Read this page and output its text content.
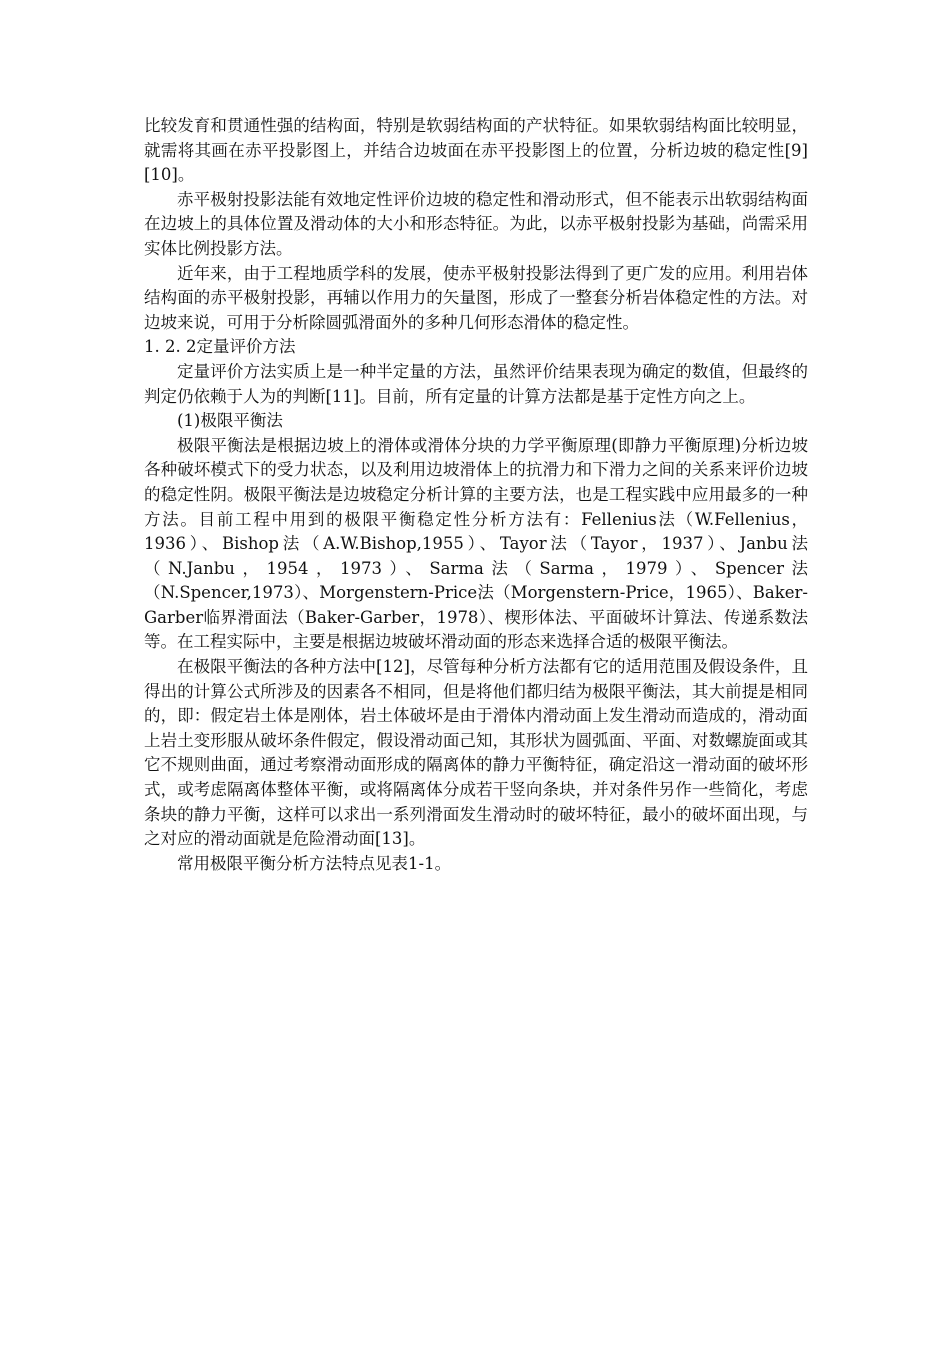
比较发育和贯通性强的结构面，特别是软弱结构面的产状特征。如果软弱结构面比较明显，就需将其画在赤平投影图上，并结合边坡面在赤平投影图上的位置，分析边坡的稳定性[9] [10]。

赤平极射投影法能有效地定性评价边坡的稳定性和滑动形式，但不能表示出软弱结构面在边坡上的具体位置及滑动体的大小和形态特征。为此，以赤平极射投影为基础，尚需采用实体比例投影方法。

近年来，由于工程地质学科的发展，使赤平极射投影法得到了更广发的应用。利用岩体结构面的赤平极射投影，再辅以作用力的矢量图，形成了一整套分析岩体稳定性的方法。对边坡来说，可用于分析除圆弧滑面外的多种几何形态滑体的稳定性。

1. 2. 2定量评价方法

定量评价方法实质上是一种半定量的方法，虽然评价结果表现为确定的数值，但最终的判定仍依赖于人为的判断[11]。目前，所有定量的计算方法都是基于定性方向之上。

(1)极限平衡法

极限平衡法是根据边坡上的滑体或滑体分块的力学平衡原理(即静力平衡原理)分析边坡各种破坏模式下的受力状态，以及利用边坡滑体上的抗滑力和下滑力之间的关系来评价边坡的稳定性阴。极限平衡法是边坡稳定分析计算的主要方法，也是工程实践中应用最多的一种方法。目前工程中用到的极限平衡稳定性分析方法有：Fellenius法（W.Fellenius，1936）、Bishop法（A.W.Bishop,1955）、Tayor法（Tayor，1937）、Janbu法（N.Janbu，1954，1973）、Sarma法（Sarma，1979）、Spencer法（N.Spencer,1973）、Morgenstern-Price法（Morgenstern-Price，1965）、Baker-Garber临界滑面法（Baker-Garber，1978）、楔形体法、平面破坏计算法、传递系数法等。在工程实际中，主要是根据边坡破坏滑动面的形态来选择合适的极限平衡法。

在极限平衡法的各种方法中[12]，尽管每种分析方法都有它的适用范围及假设条件，且得出的计算公式所涉及的因素各不相同，但是将他们都归结为极限平衡法，其大前提是相同的，即：假定岩土体是刚体，岩土体破坏是由于滑体内滑动面上发生滑动而造成的，滑动面上岩土变形服从破坏条件假定，假设滑动面己知，其形状为圆弧面、平面、对数螺旋面或其它不规则曲面，通过考察滑动面形成的隔离体的静力平衡特征，确定沿这一滑动面的破坏形式，或考虑隔离体整体平衡，或将隔离体分成若干竖向条块，并对条件另作一些简化，考虑条块的静力平衡，这样可以求出一系列滑面发生滑动时的破坏特征，最小的破坏面出现，与之对应的滑动面就是危险滑动面[13]。

常用极限平衡分析方法特点见表1-1。
